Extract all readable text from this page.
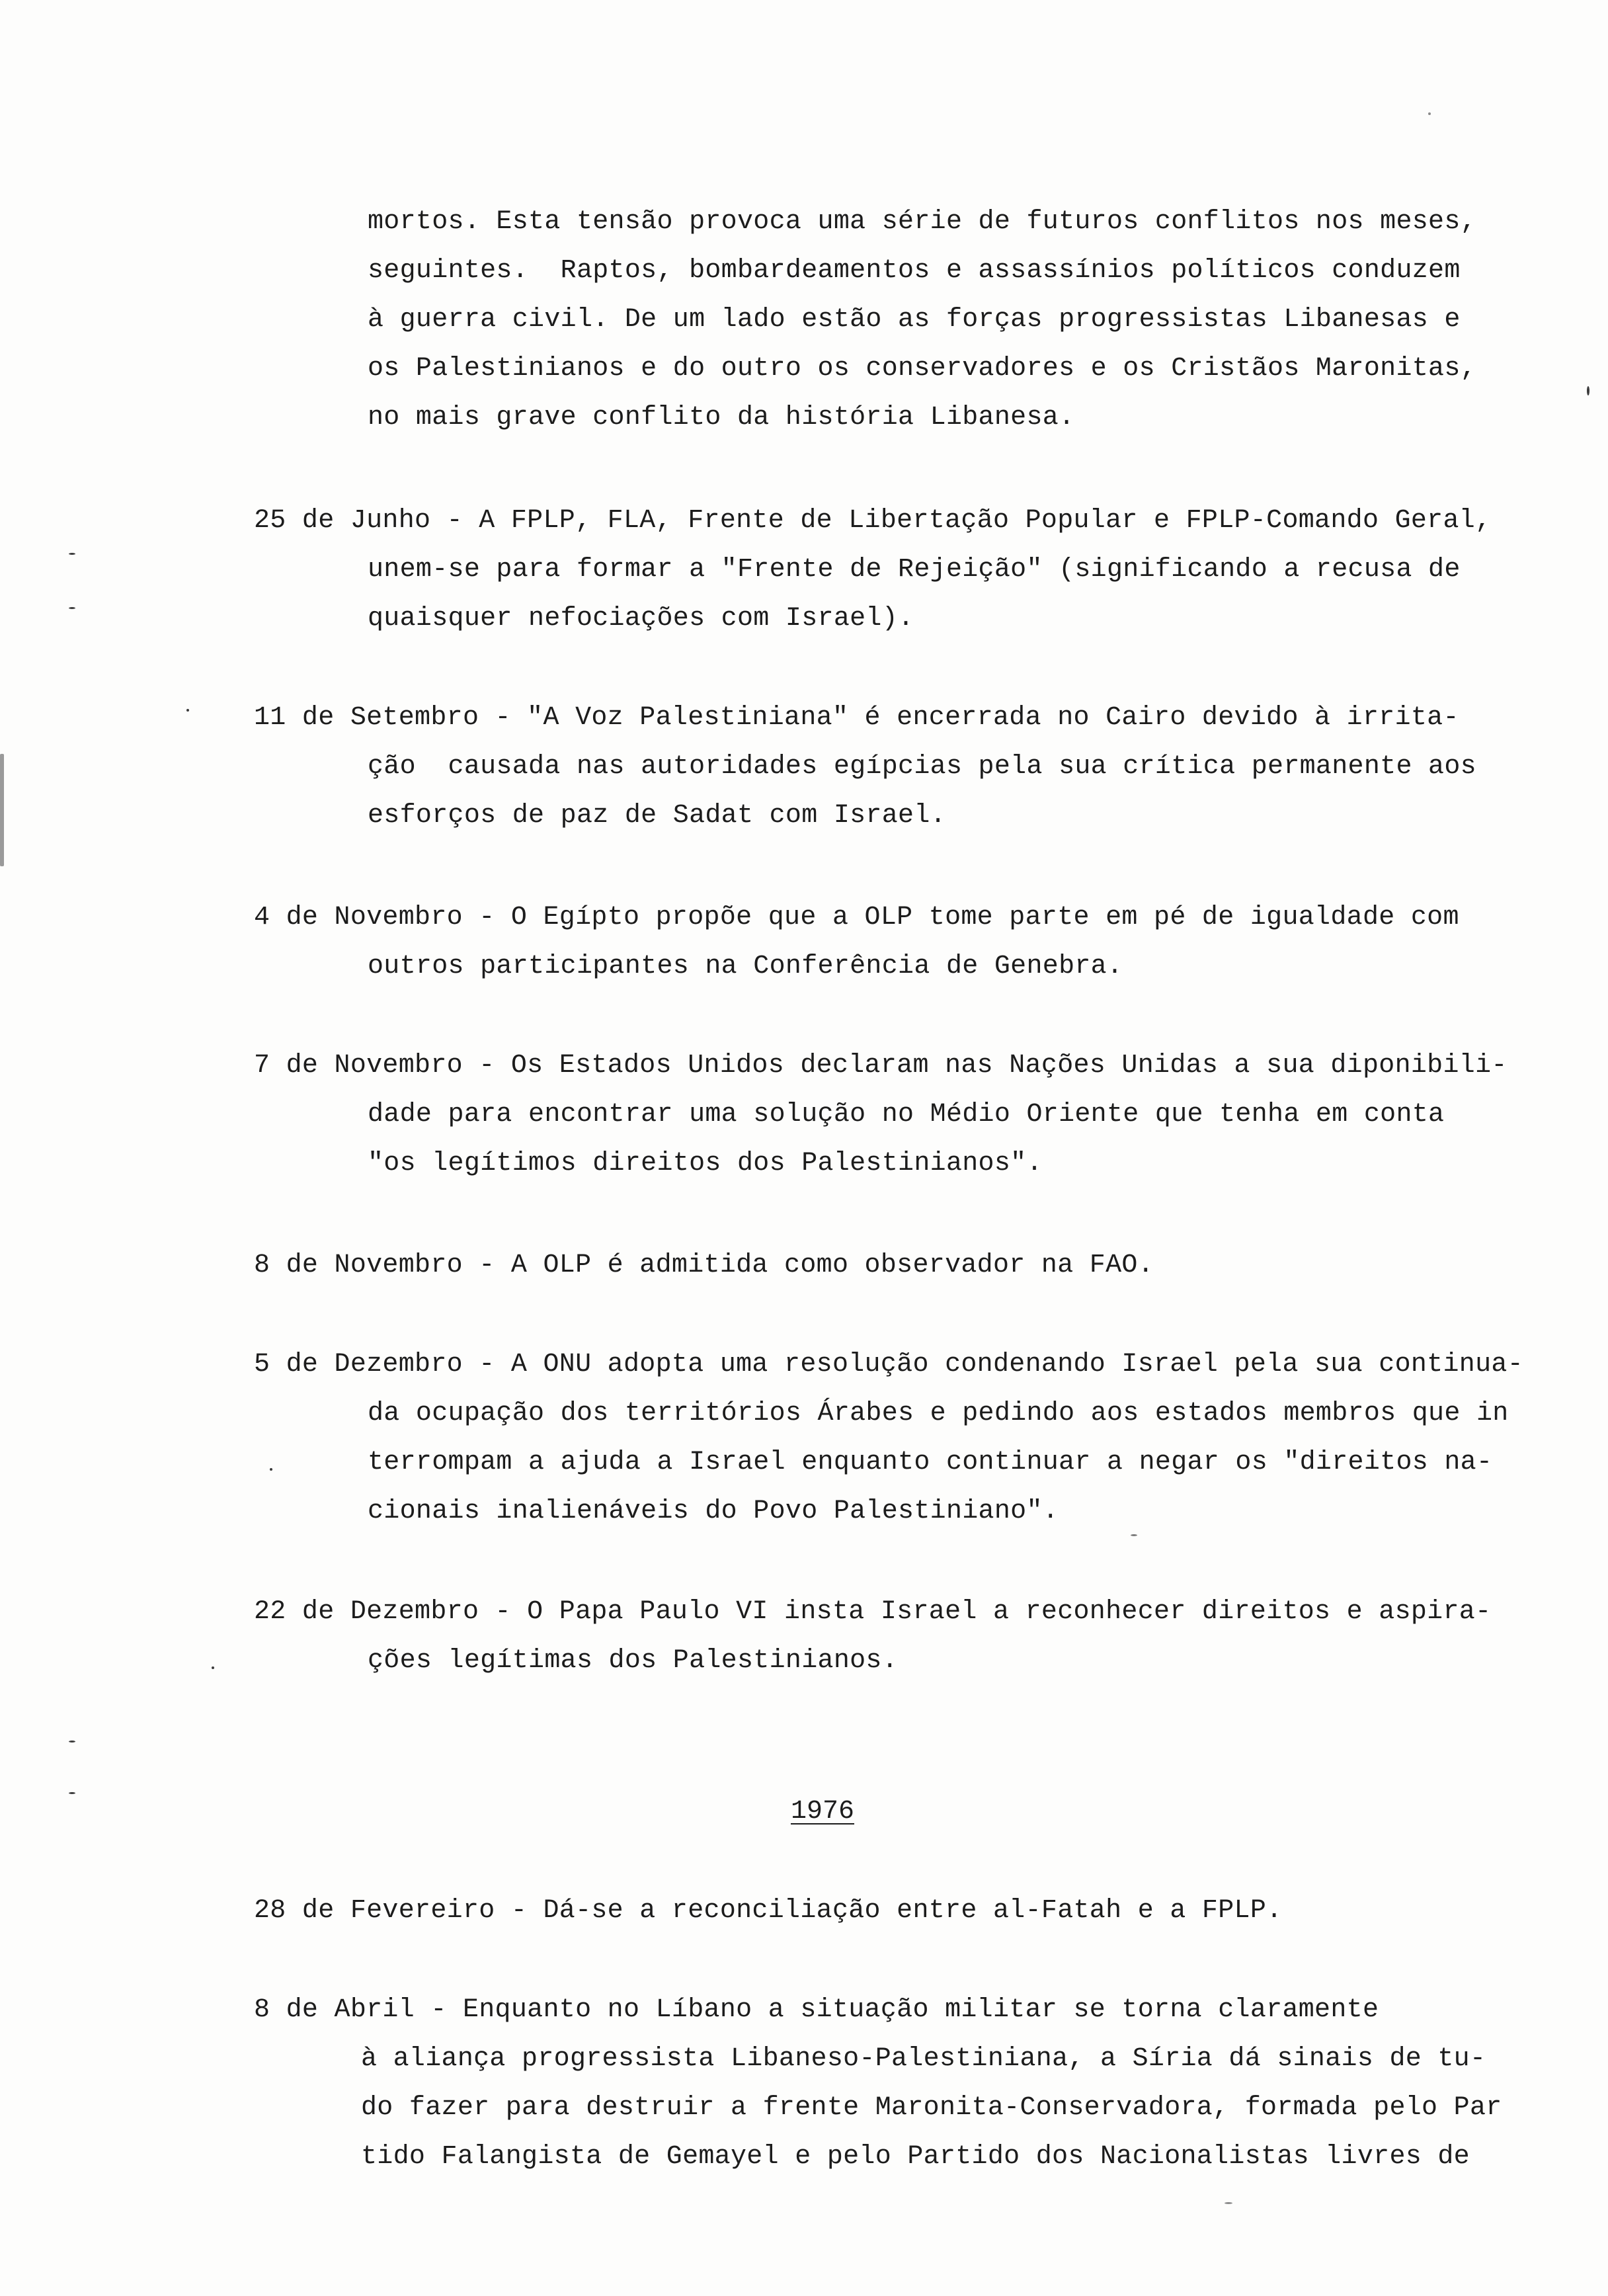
mortos. Esta tensão provoca uma série de futuros conflitos nos meses,
seguintes.  Raptos, bombardeamentos e assassínios políticos conduzem
à guerra civil. De um lado estão as forças progressistas Libanesas e
os Palestinianos e do outro os conservadores e os Cristãos Maronitas,
no mais grave conflito da história Libanesa.
25 de Junho - A FPLP, FLA, Frente de Libertação Popular e FPLP-Comando Geral,
unem-se para formar a "Frente de Rejeição" (significando a recusa de
quaisquer nefociações com Israel).
11 de Setembro - "A Voz Palestiniana" é encerrada no Cairo devido à irrita-
ção  causada nas autoridades egípcias pela sua crítica permanente aos
esforços de paz de Sadat com Israel.
4 de Novembro - O Egípto propõe que a OLP tome parte em pé de igualdade com
outros participantes na Conferência de Genebra.
7 de Novembro - Os Estados Unidos declaram nas Nações Unidas a sua diponibili-
dade para encontrar uma solução no Médio Oriente que tenha em conta
"os legítimos direitos dos Palestinianos".
8 de Novembro - A OLP é admitida como observador na FAO.
5 de Dezembro - A ONU adopta uma resolução condenando Israel pela sua continua-
da ocupação dos territórios Árabes e pedindo aos estados membros que in
terrompam a ajuda a Israel enquanto continuar a negar os "direitos na-
cionais inalienáveis do Povo Palestiniano".
22 de Dezembro - O Papa Paulo VI insta Israel a reconhecer direitos e aspira-
ções legítimas dos Palestinianos.
1976
28 de Fevereiro - Dá-se a reconciliação entre al-Fatah e a FPLP.
8 de Abril - Enquanto no Líbano a situação militar se torna claramente
à aliança progressista Libaneso-Palestiniana, a Síria dá sinais de tu-
do fazer para destruir a frente Maronita-Conservadora, formada pelo Par
tido Falangista de Gemayel e pelo Partido dos Nacionalistas livres de
